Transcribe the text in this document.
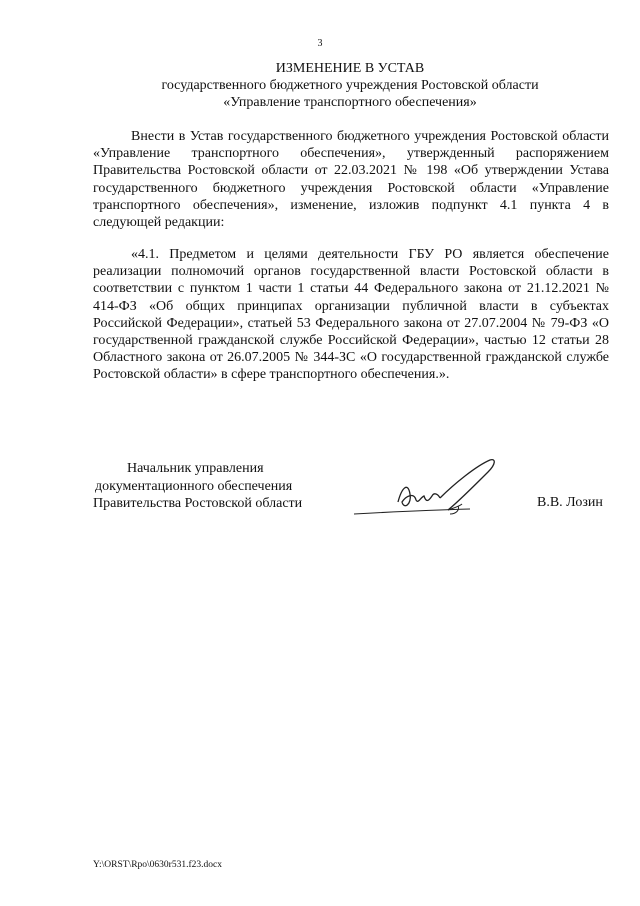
3
ИЗМЕНЕНИЕ В УСТАВ
государственного бюджетного учреждения Ростовской области
«Управление транспортного обеспечения»

Внести в Устав государственного бюджетного учреждения Ростовской области «Управление транспортного обеспечения», утвержденный распоряжением Правительства Ростовской области от 22.03.2021 № 198 «Об утверждении Устава государственного бюджетного учреждения Ростовской области «Управление транспортного обеспечения», изменение, изложив подпункт 4.1 пункта 4 в следующей редакции:

«4.1. Предметом и целями деятельности ГБУ РО является обеспечение реализации полномочий органов государственной власти Ростовской области в соответствии с пунктом 1 части 1 статьи 44 Федерального закона от 21.12.2021 № 414-ФЗ «Об общих принципах организации публичной власти в субъектах Российской Федерации», статьей 53 Федерального закона от 27.07.2004 № 79-ФЗ «О государственной гражданской службе Российской Федерации», частью 12 статьи 28 Областного закона от 26.07.2005 № 344-ЗС «О государственной гражданской службе Ростовской области» в сфере транспортного обеспечения.».

Начальник управления
документационного обеспечения
Правительства Ростовской области	В.В. Лозин
Y:\ORST\Rpo\0630r531.f23.docx
